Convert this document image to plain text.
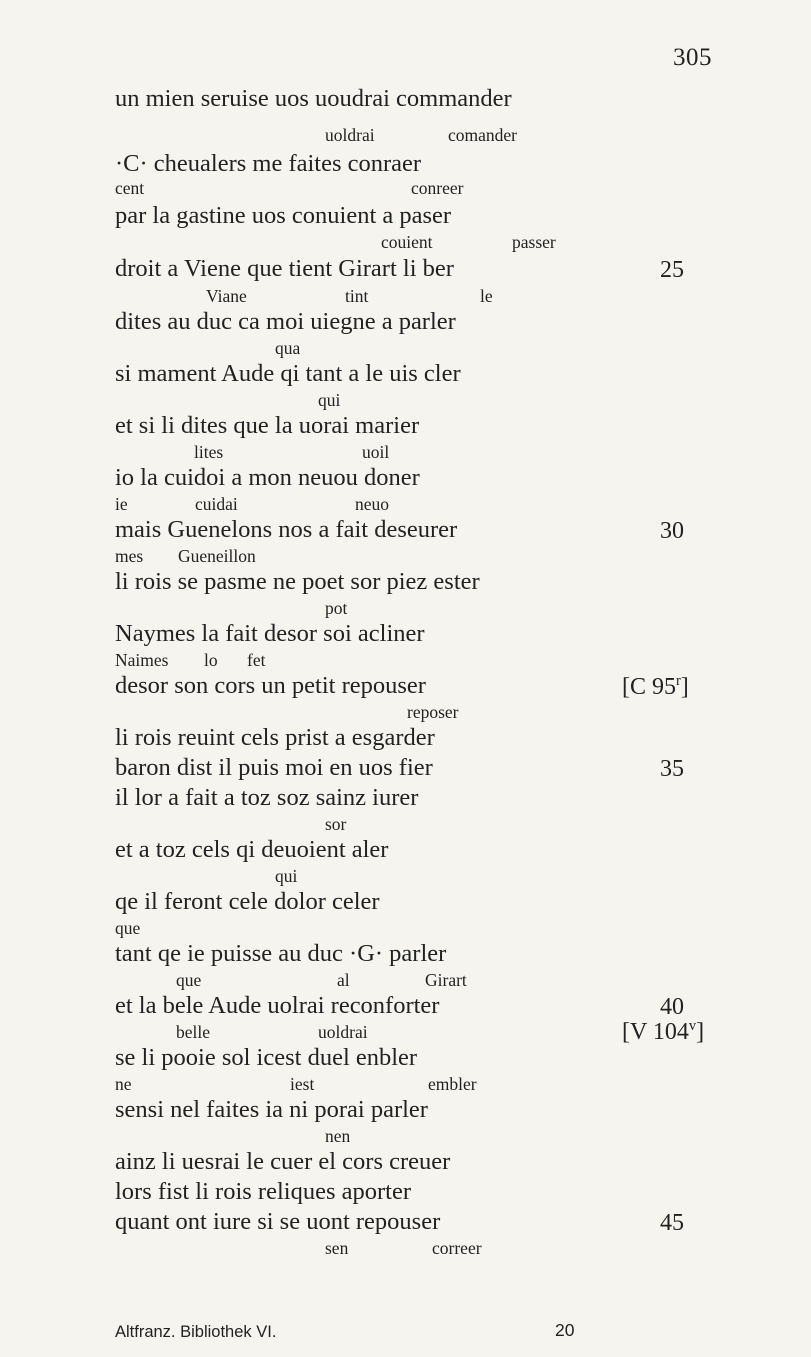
305
un mien seruise uos uoudrai commander
uoldrai	comander
·C· cheualers me faites conraer
cent	conreer
par la gastine uos conuient a paser
couient	passer
droit a Viene que tient Girart li ber
Viane	tint	le
dites au duc ca moi uiegne a parler
qua
si mament Aude qi tant a le uis cler
qui
et si li dites que la uorai marier
lites	uoil
io la cuidoi a mon neuou doner
ie	cuidai	neuo
mais Guenelons nos a fait deseurer
mes Gueneillon
li rois se pasme ne poet sor piez ester
pot
Naymes la fait desor soi acliner
Naimes lo fet
desor son cors un petit repouser
reposer
li rois reuint cels prist a esgarder
baron dist il puis moi en uos fier
il lor a fait a toz soz sainz iurer
sor
et a toz cels qi deuoient aler
qui
qe il feront cele dolor celer
que
tant qe ie puisse au duc ·G· parler
que	al	Girart
et la bele Aude uolrai reconforter
belle	uoldrai
se li pooie sol icest duel enbler
ne	iest	embler
sensi nel faites ia ni porai parler
nen
ainz li uesrai le cuer el cors creuer
lors fist li rois reliques aporter
quant ont iure si se uont repouser
sen	correer
25
30
[C 95$^r$]
35
40
[V 104$^v$]
45
Altfranz. Bibliothek VI.	20
